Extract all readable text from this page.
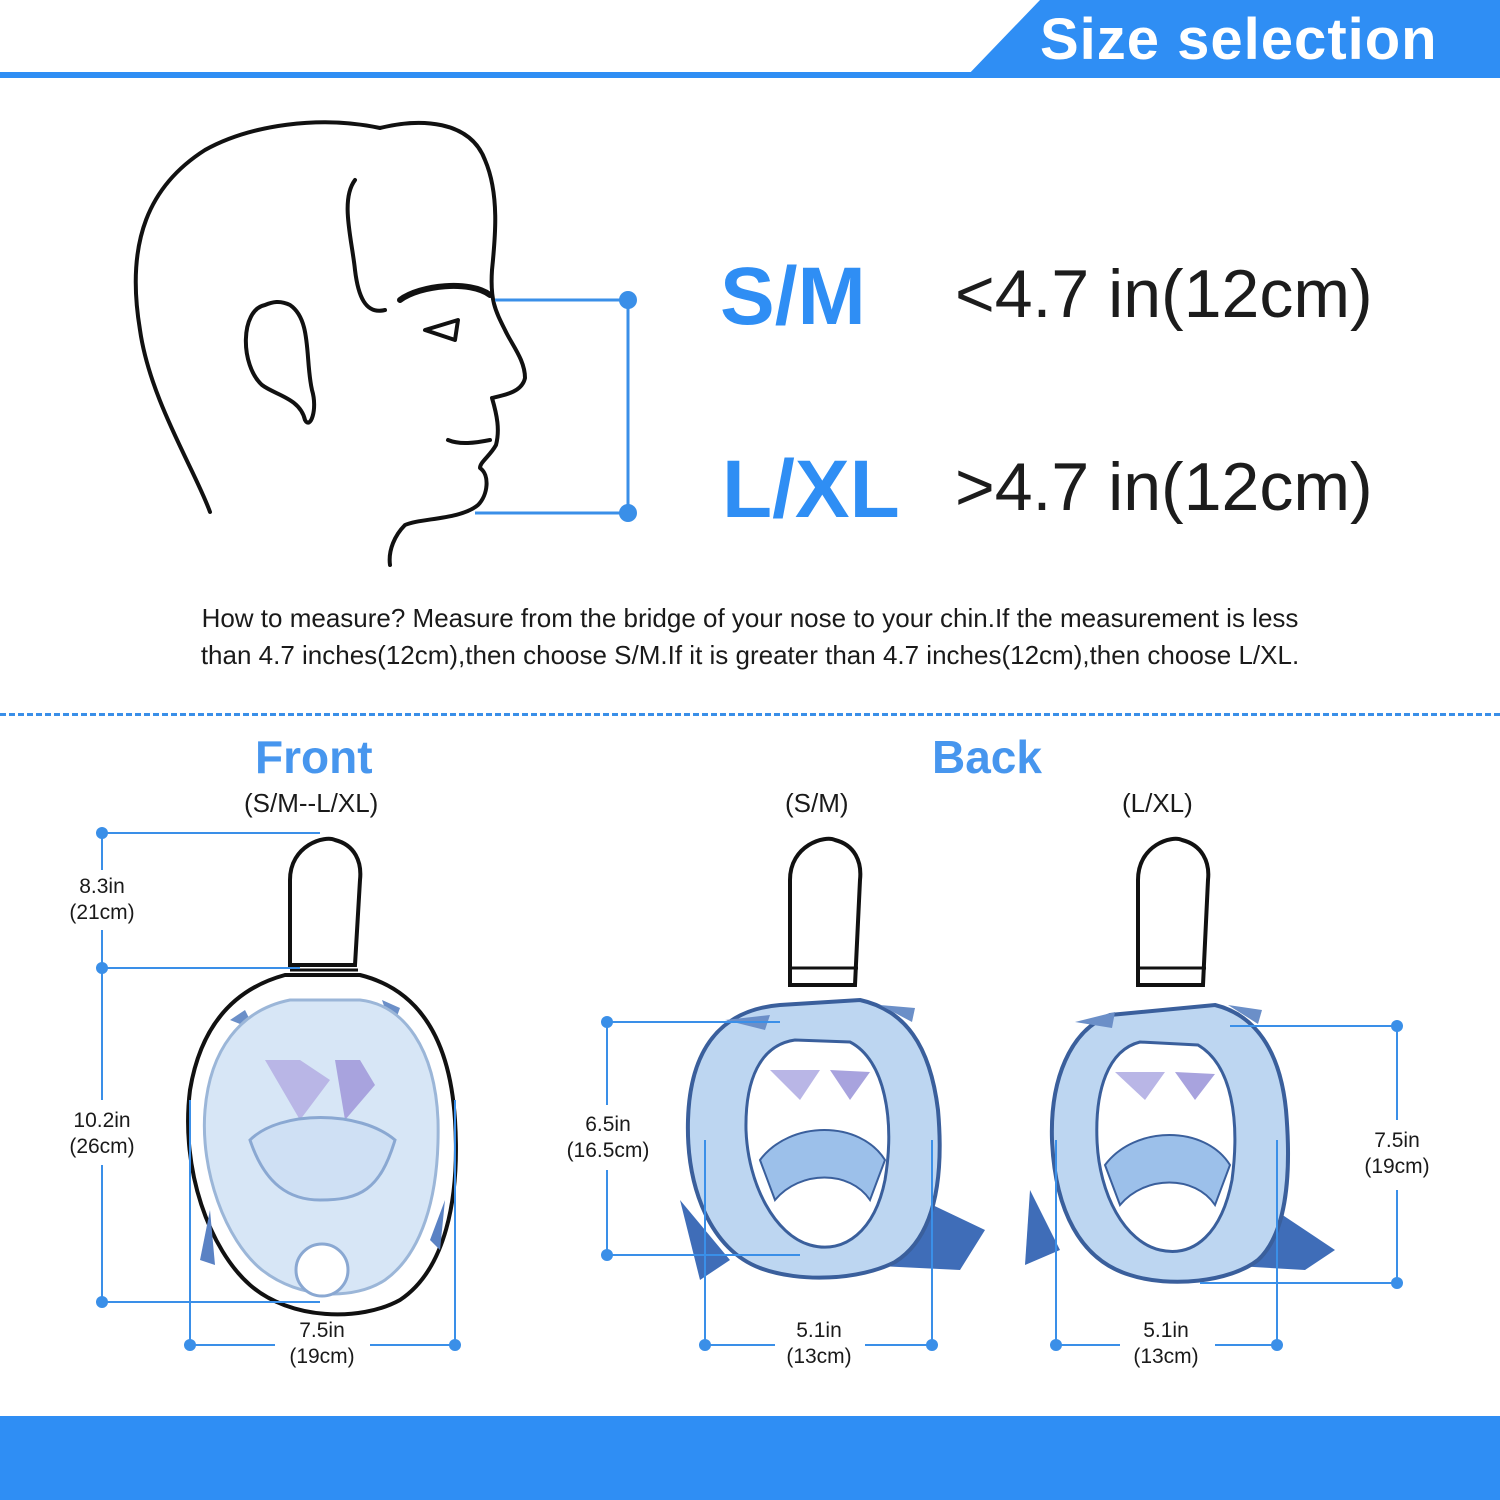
Size selection
S/M <4.7 in(12cm)
L/XL >4.7 in(12cm)
How to measure? Measure from the bridge of your nose to your chin.If the measurement is less
than 4.7 inches(12cm),then choose S/M.If it is greater than 4.7 inches(12cm),then choose L/XL.
Front
(S/M--L/XL)
8.3in
(21cm)
10.2in
(26cm)
7.5in
(19cm)
Back
(S/M)	(L/XL)
6.5in
(16.5cm)
5.1in
(13cm)
7.5in
(19cm)
5.1in
(13cm)
